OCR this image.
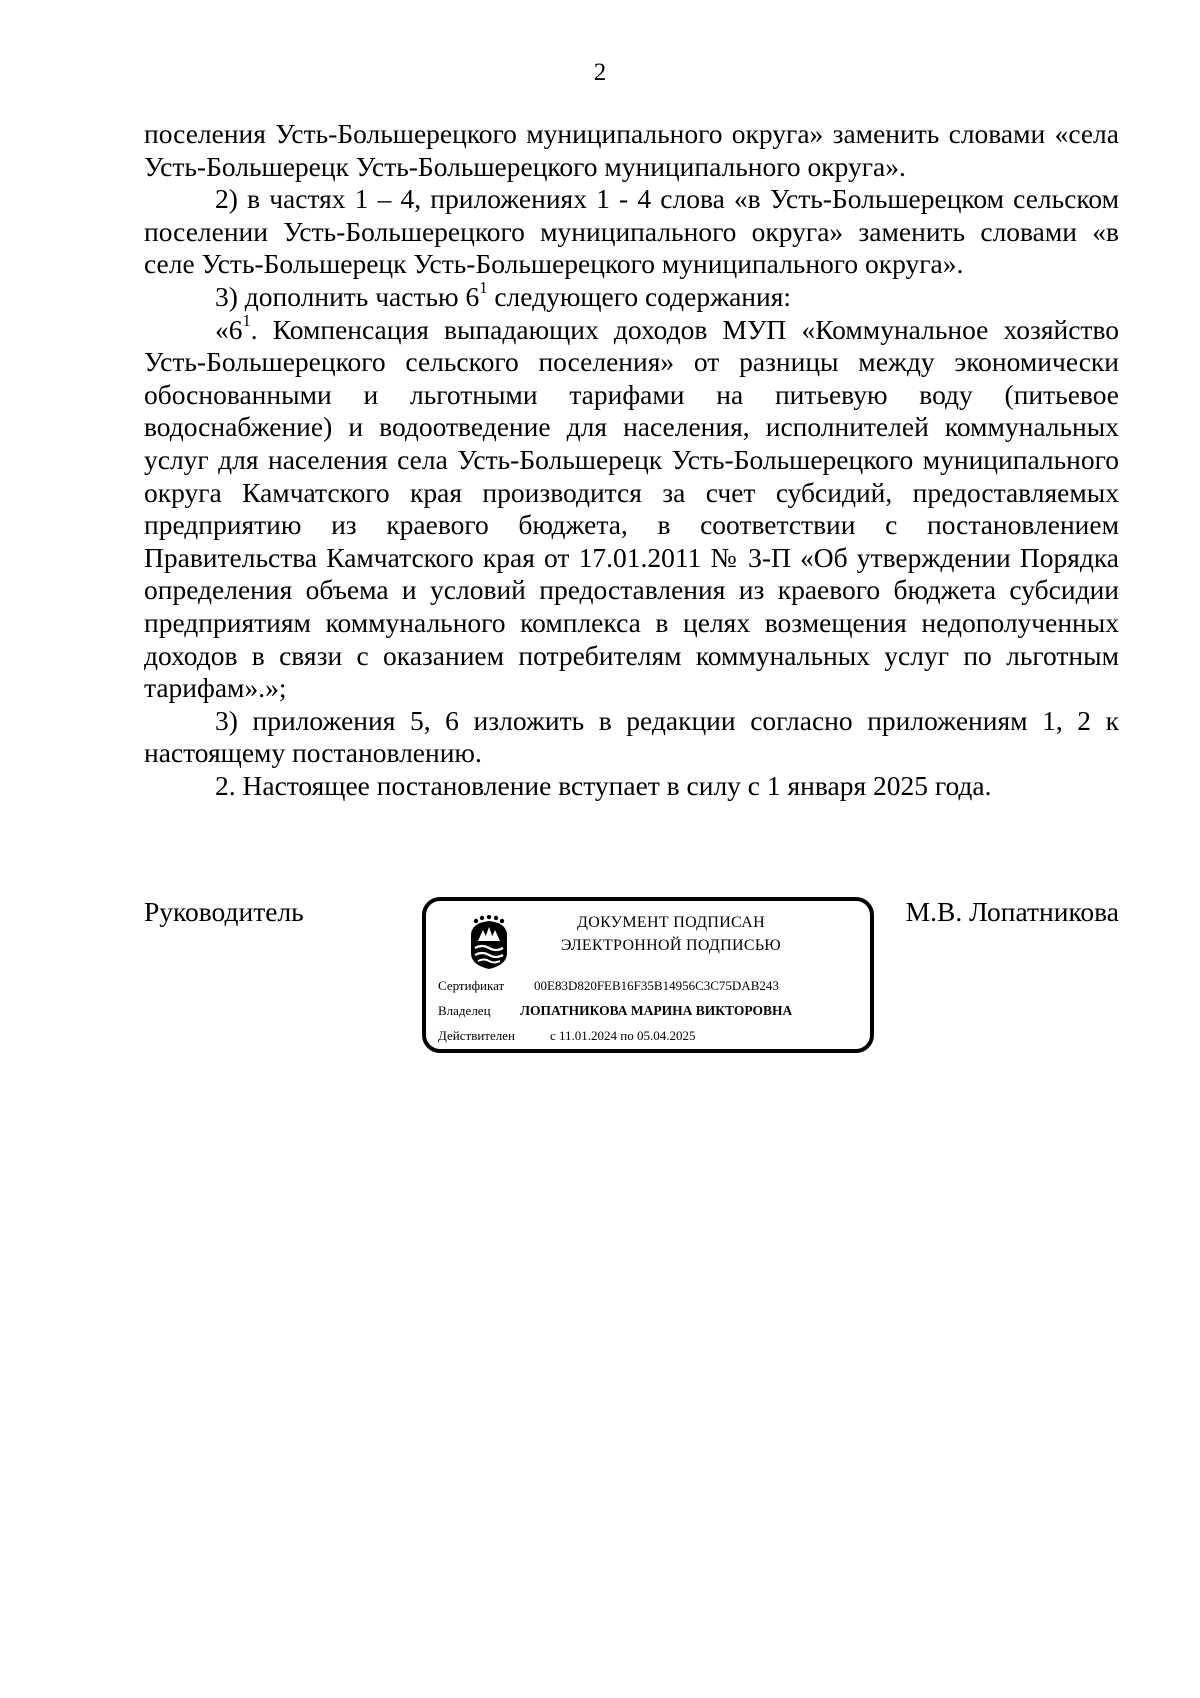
2

поселения Усть-Большерецкого муниципального округа» заменить словами «села Усть-Большерецк Усть-Большерецкого муниципального округа».

2) в частях 1 – 4, приложениях 1 - 4 слова «в Усть-Большерецком сельском поселении Усть-Большерецкого муниципального округа» заменить словами «в селе Усть-Большерецк Усть-Большерецкого муниципального округа».

3) дополнить частью $6^1$ следующего содержания:

«$6^1$. Компенсация выпадающих доходов МУП «Коммунальное хозяйство Усть-Большерецкого сельского поселения» от разницы между экономически обоснованными и льготными тарифами на питьевую воду (питьевое водоснабжение) и водоотведение для населения, исполнителей коммунальных услуг для населения села Усть-Большерецк Усть-Большерецкого муниципального округа Камчатского края производится за счет субсидий, предоставляемых предприятию из краевого бюджета, в соответствии с постановлением Правительства Камчатского края от 17.01.2011 № 3-П «Об утверждении Порядка определения объема и условий предоставления из краевого бюджета субсидии предприятиям коммунального комплекса в целях возмещения недополученных доходов в связи с оказанием потребителям коммунальных услуг по льготным тарифам».»;

3) приложения 5, 6 изложить в редакции согласно приложениям 1, 2 к настоящему постановлению.

2. Настоящее постановление вступает в силу с 1 января 2025 года.

Руководитель	М.В. Лопатникова
ДОКУМЕНТ ПОДПИСАН
ЭЛЕКТРОННОЙ ПОДПИСЬЮ
Сертификат 00E83D820FEB16F35B14956C3C75DAB243
Владелец ЛОПАТНИКОВА МАРИНА ВИКТОРОВНА
Действителен	с 11.01.2024 по 05.04.2025
